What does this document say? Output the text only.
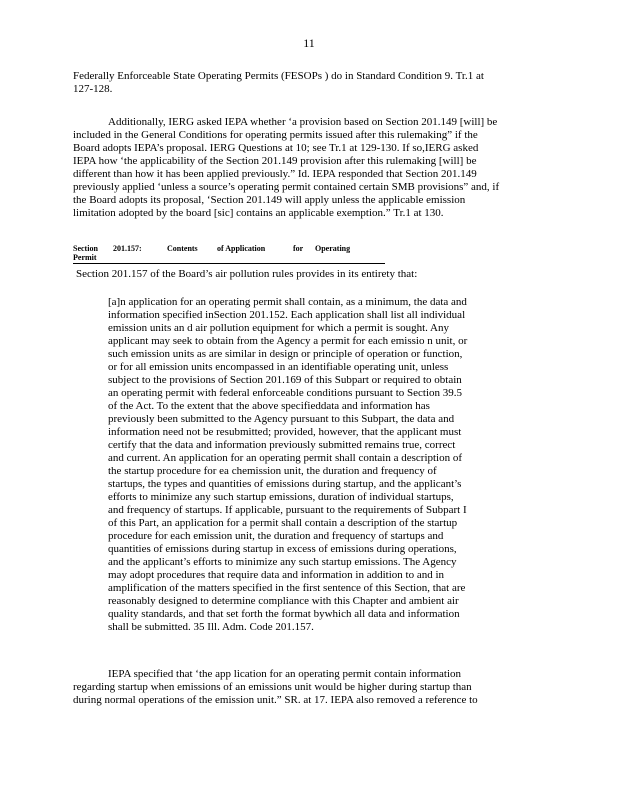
11
Federally Enforceable State Operating Permits (FESOPs ) do in Standard Condition 9. Tr.1 at
127-128.
Additionally, IERG asked IEPA whether ‘a provision based on Section 201.149 [will] be
included in the General Conditions for operating permits issued after this rulemaking” if the
Board adopts IEPA’s proposal. IERG Questions at 10; see Tr.1 at 129-130. If so,IERG asked
IEPA how ‘the applicability of the Section 201.149 provision after this rulemaking [will] be
different than how it has been applied previously.” Id. IEPA responded that Section 201.149
previously applied ‘unless a source’s operating permit contained certain SMB provisions” and, if
the Board adopts its proposal, ‘Section 201.149 will apply unless the applicable emission
limitation adopted by the board [sic] contains an applicable exemption.” Tr.1 at 130.
Section 201.157:	Contents of Application	for Operating Permit
Section 201.157 of the Board’s air pollution rules provides in its entirety that:
[a]n application for an operating permit shall contain, as a minimum, the data and
information specified inSection 201.152. Each application shall list all individual
emission units an d air pollution equipment for which a permit is sought. Any
applicant may seek to obtain from the Agency a permit for each emissio n unit, or
such emission units as are similar in design or principle of operation or function,
or for all emission units encompassed in an identifiable operating unit, unless
subject to the provisions of Section 201.169 of this Subpart or required to obtain
an operating permit with federal enforceable conditions pursuant to Section 39.5
of the Act. To the extent that the above specifieddata and information has
previously been submitted to the Agency pursuant to this Subpart, the data and
information need not be resubmitted; provided, however, that the applicant must
certify that the data and information previously submitted remains true, correct
and current. An application for an operating permit shall contain a description of
the startup procedure for ea chemission unit, the duration and frequency of
startups, the types and quantities of emissions during startup, and the applicant’s
efforts to minimize any such startup emissions, duration of individual startups,
and frequency of startups. If applicable, pursuant to the requirements of Subpart I
of this Part, an application for a permit shall contain a description of the startup
procedure for each emission unit, the duration and frequency of startups and
quantities of emissions during startup in excess of emissions during operations,
and the applicant’s efforts to minimize any such startup emissions. The Agency
may adopt procedures that require data and information in addition to and in
amplification of the matters specified in the first sentence of this Section, that are
reasonably designed to determine compliance with this Chapter and ambient air
quality standards, and that set forth the format bywhich all data and information
shall be submitted. 35 Ill. Adm. Code 201.157.
IEPA specified that ‘the app lication for an operating permit contain information
regarding startup when emissions of an emissions unit would be higher during startup than
during normal operations of the emission unit.” SR. at 17. IEPA also removed a reference to
